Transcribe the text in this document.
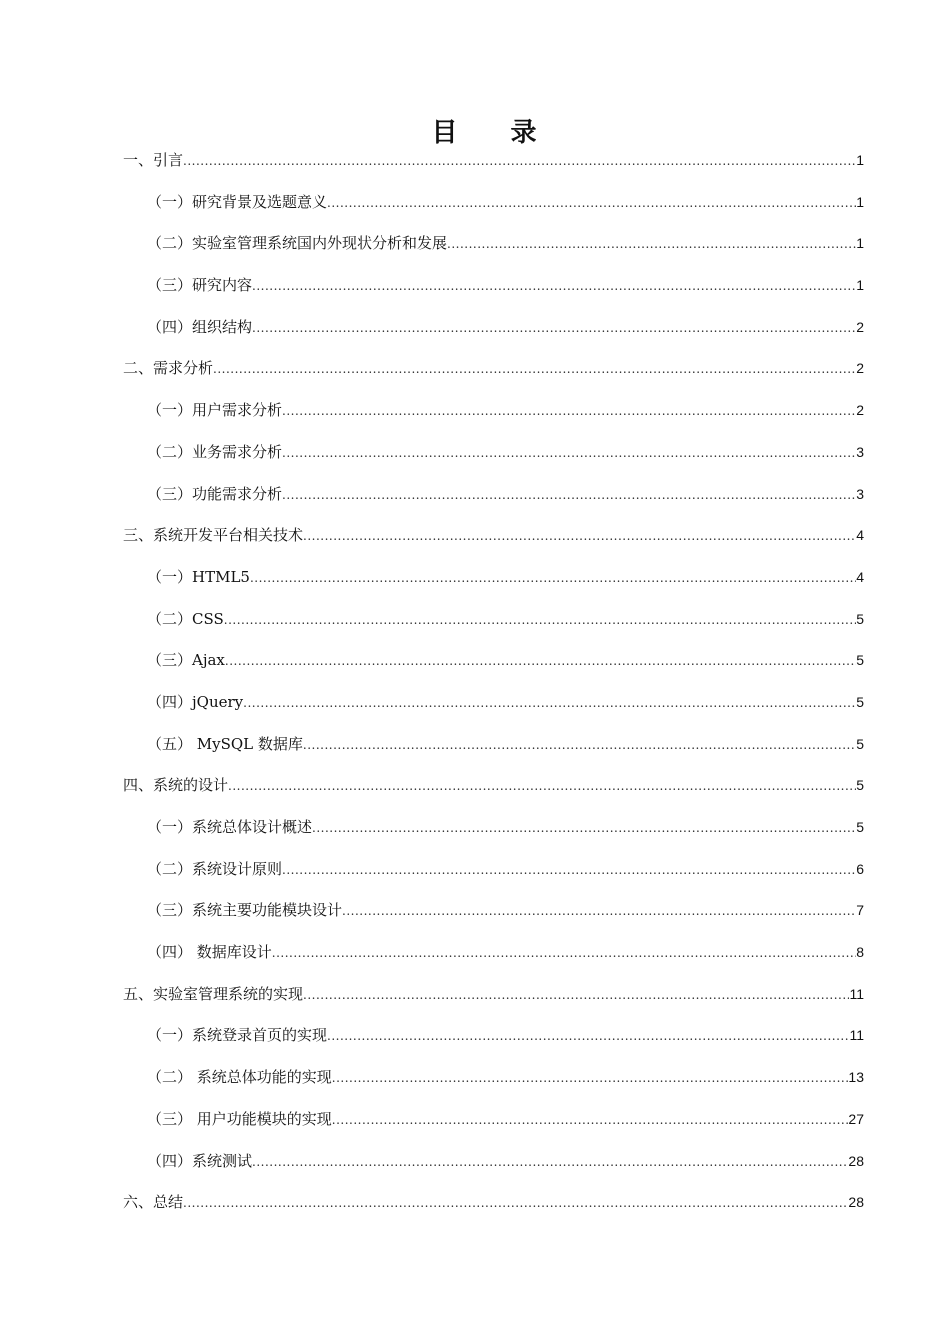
目 录
一、引言 .....	1
（一）研究背景及选题意义 .....	1
（二）实验室管理系统国内外现状分析和发展 .....	1
（三）研究内容 .....	1
（四）组织结构 .....	2
二、需求分析 .....	2
（一）用户需求分析 .....	2
（二）业务需求分析 .....	3
（三）功能需求分析 .....	3
三、系统开发平台相关技术 .....	4
（一）HTML5 .....	4
（二）CSS .....	5
（三）Ajax .....	5
（四）jQuery .....	5
（五） MySQL 数据库 .....	5
四、系统的设计 .....	5
（一）系统总体设计概述 .....	5
（二）系统设计原则 .....	6
（三）系统主要功能模块设计 .....	7
（四） 数据库设计 .....	8
五、实验室管理系统的实现 .....	11
（一）系统登录首页的实现 .....	11
（二） 系统总体功能的实现 .....	13
（三） 用户功能模块的实现 .....	27
（四）系统测试 .....	28
六、总结 .....	28
